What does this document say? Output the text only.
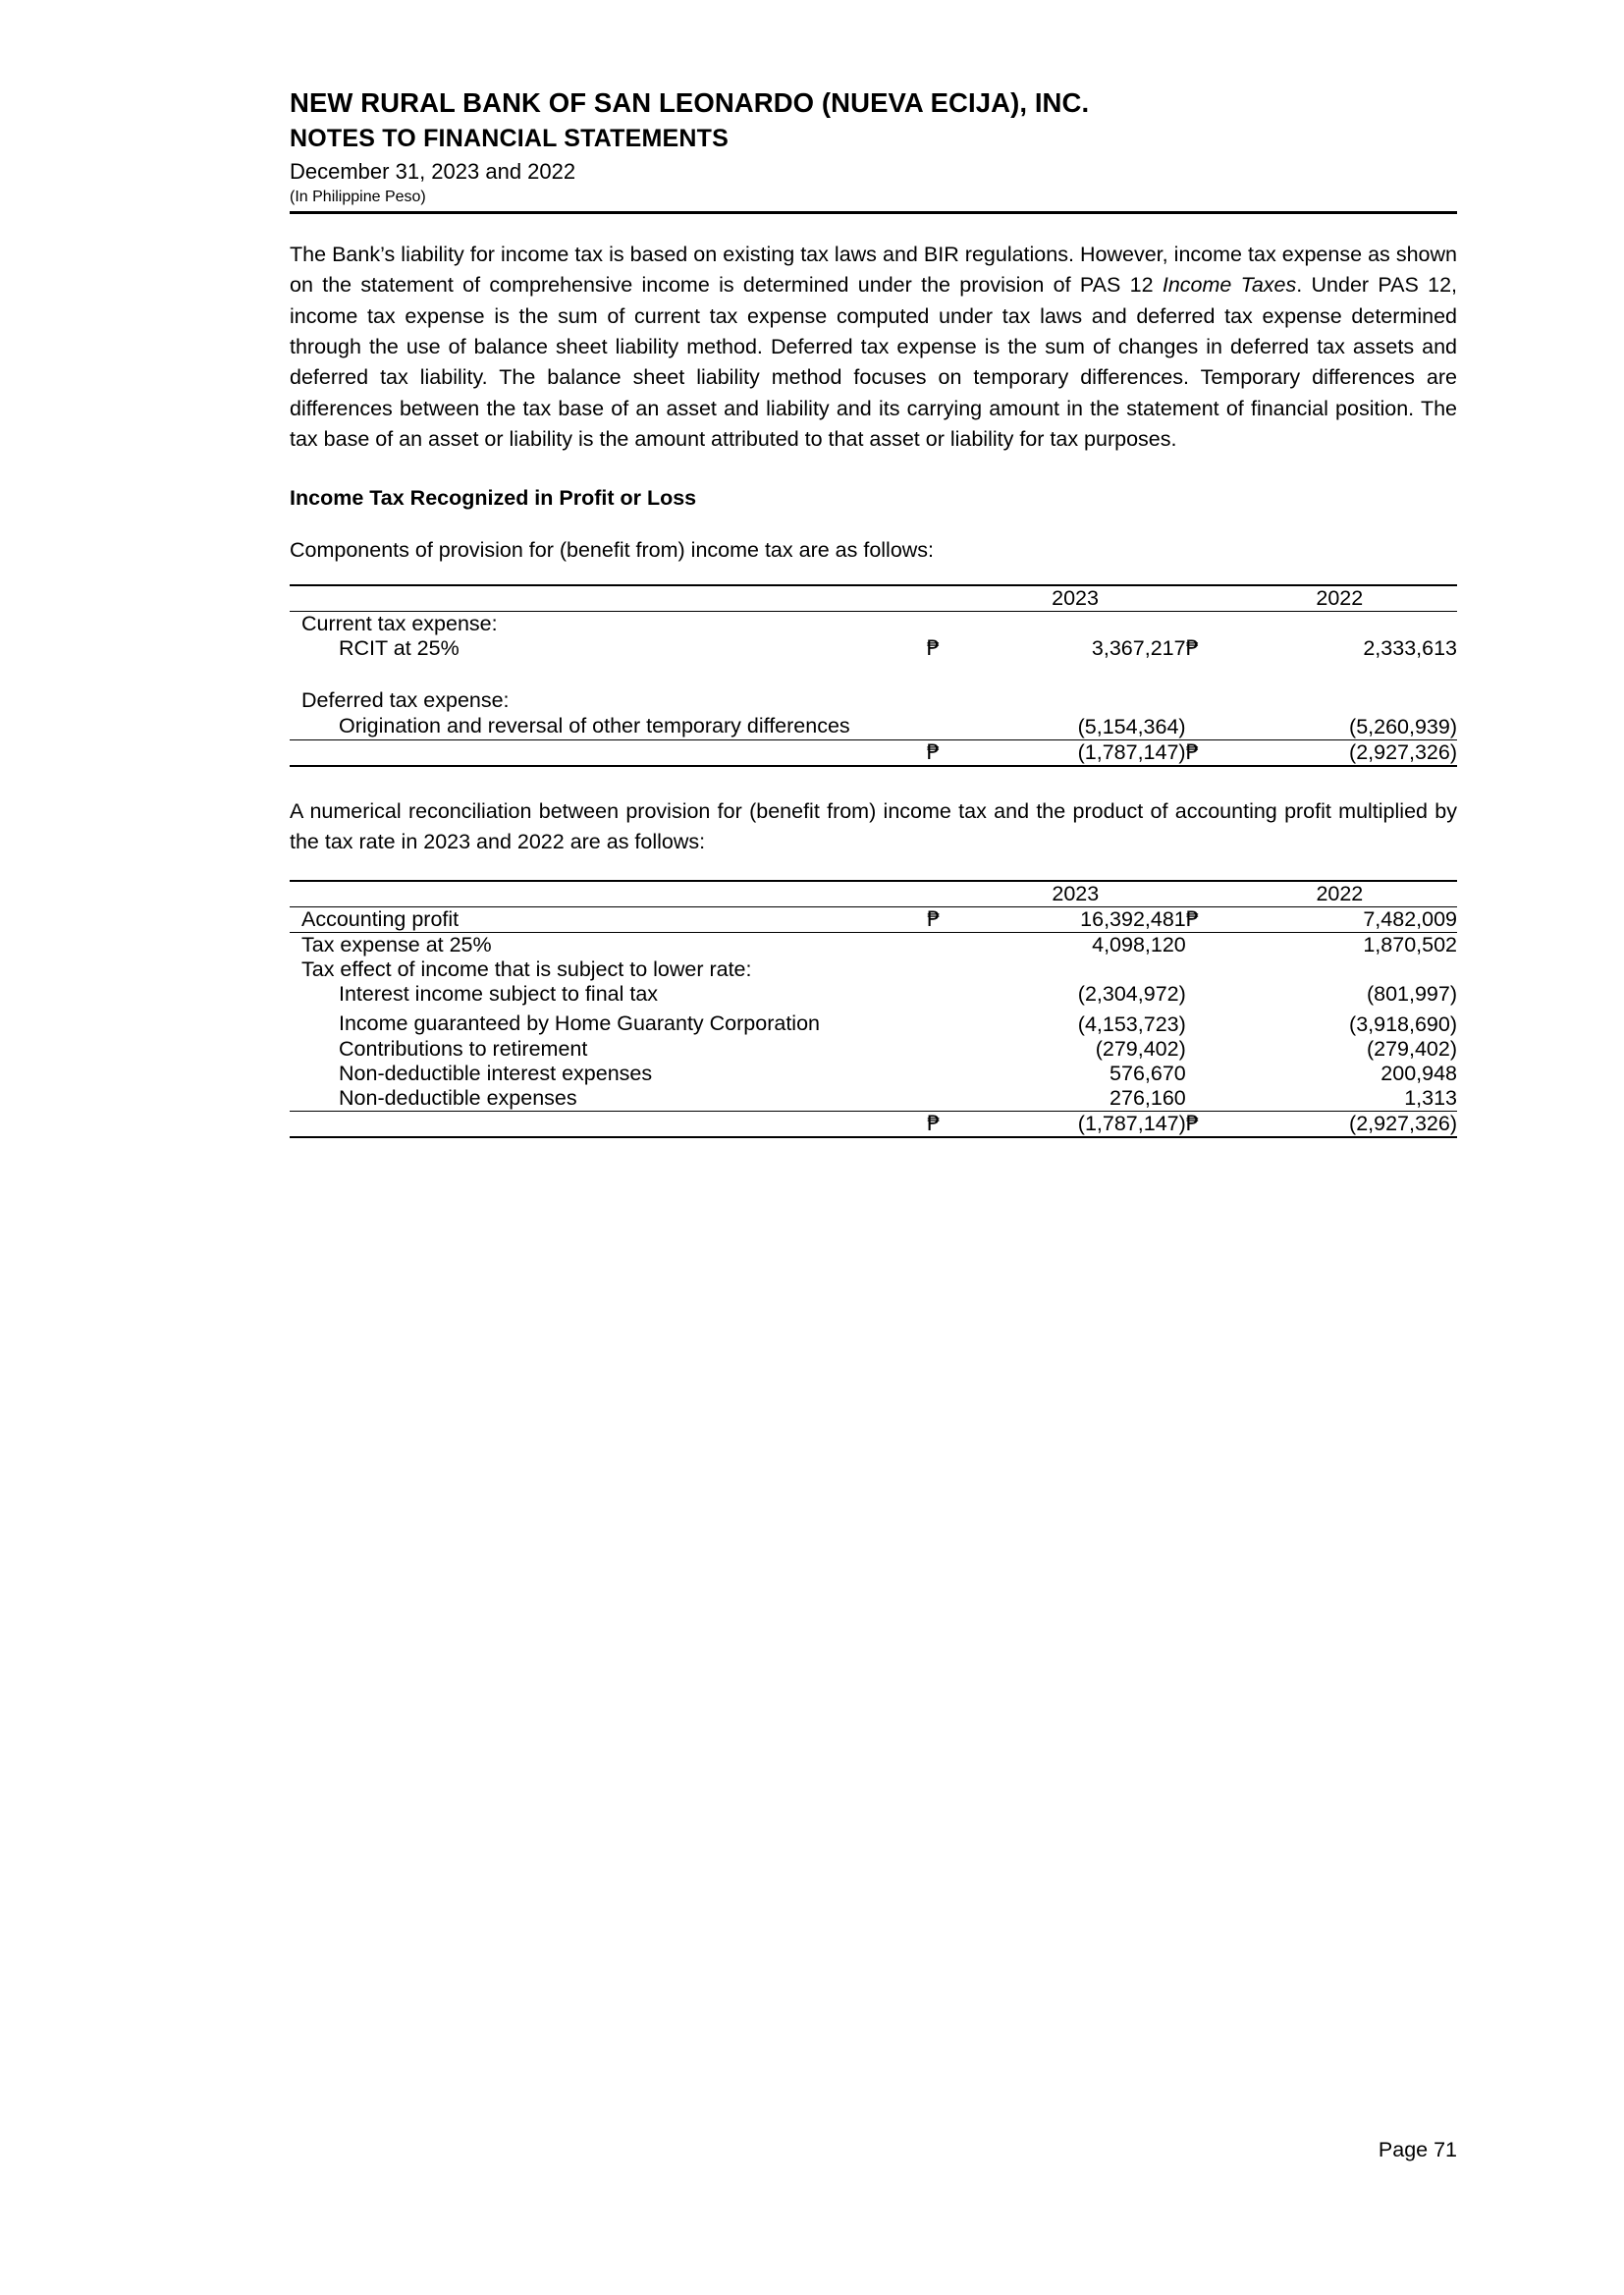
NEW RURAL BANK OF SAN LEONARDO (NUEVA ECIJA), INC.
NOTES TO FINANCIAL STATEMENTS
December 31, 2023 and 2022
(In Philippine Peso)

The Bank’s liability for income tax is based on existing tax laws and BIR regulations. However, income tax expense as shown on the statement of comprehensive income is determined under the provision of PAS 12 Income Taxes. Under PAS 12, income tax expense is the sum of current tax expense computed under tax laws and deferred tax expense determined through the use of balance sheet liability method. Deferred tax expense is the sum of changes in deferred tax assets and deferred tax liability. The balance sheet liability method focuses on temporary differences. Temporary differences are differences between the tax base of an asset and liability and its carrying amount in the statement of financial position. The tax base of an asset or liability is the amount attributed to that asset or liability for tax purposes.

Income Tax Recognized in Profit or Loss
Components of provision for (benefit from) income tax are as follows:
		2023		2022
Current tax expense:				
RCIT at 25%	₱	3,367,217	₱	2,333,613

Deferred tax expense:				
Origination and reversal of other temporary differences		(5,154,364)		(5,260,939)
	₱	(1,787,147)	₱	(2,927,326)

A numerical reconciliation between provision for (benefit from) income tax and the product of accounting profit multiplied by the tax rate in 2023 and 2022 are as follows:

		2023		2022
Accounting profit	₱	16,392,481	₱	7,482,009
Tax expense at 25%		4,098,120		1,870,502
Tax effect of income that is subject to lower rate:				
Interest income subject to final tax		(2,304,972)		(801,997)
Income guaranteed by Home Guaranty Corporation		(4,153,723)		(3,918,690)
Contributions to retirement		(279,402)		(279,402)
Non-deductible interest expenses		576,670		200,948
Non-deductible expenses		276,160		1,313
	₱	(1,787,147)	₱	(2,927,326)
Page 71
